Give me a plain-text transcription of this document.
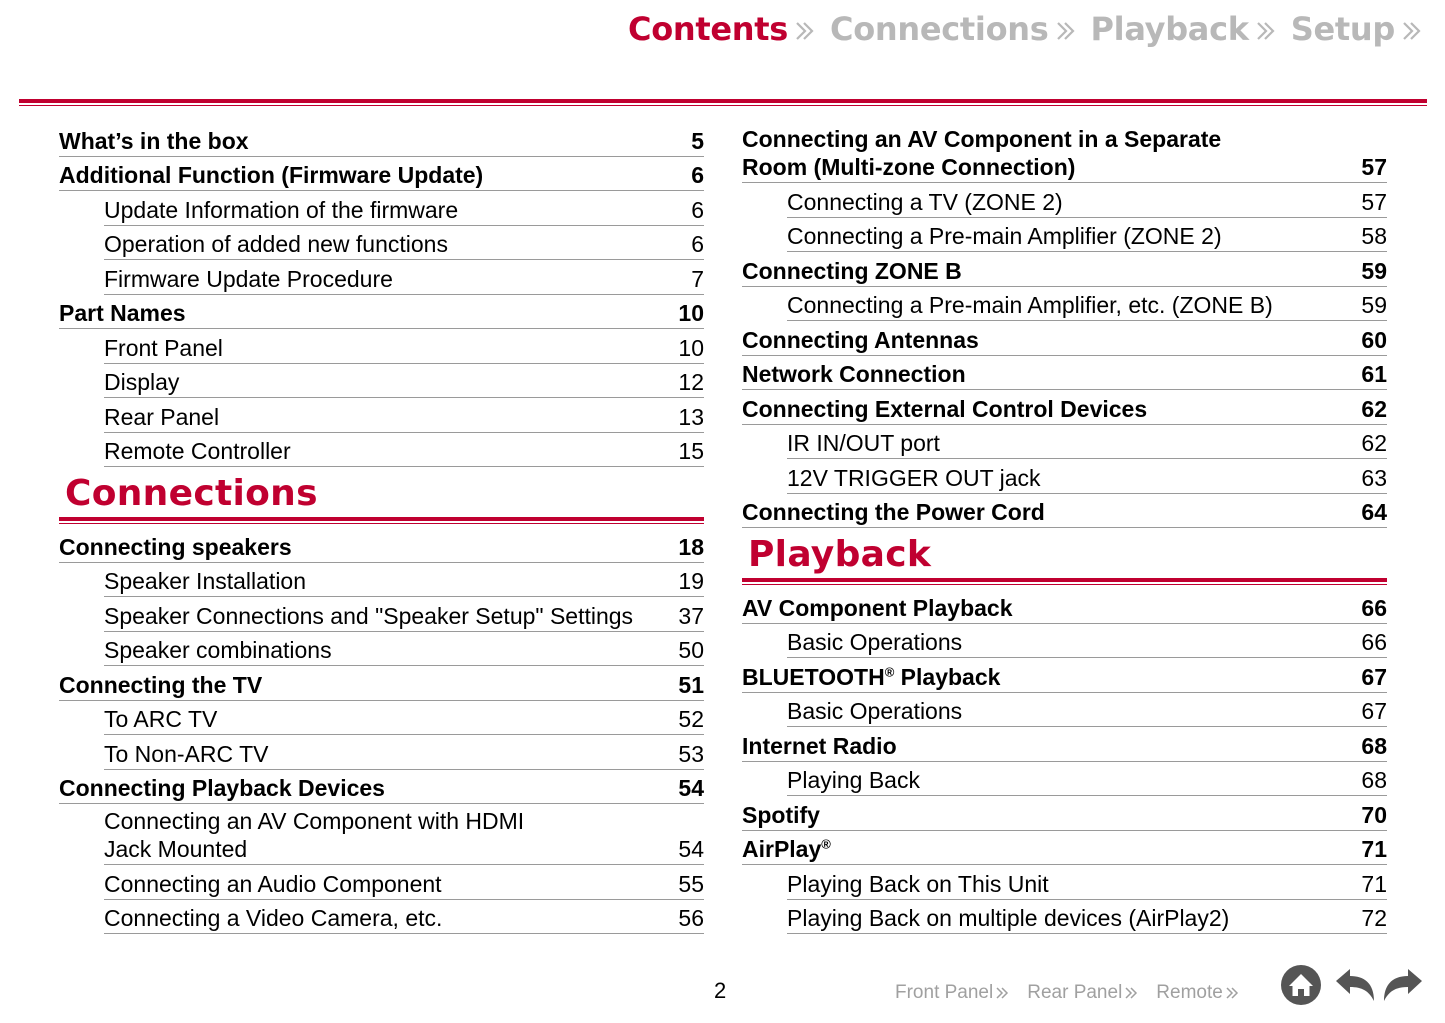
Contents Connections Playback Setup
What’s in the box	5
Additional Function (Firmware Update)	6
Update Information of the firmware	6
Operation of added new functions	6
Firmware Update Procedure	7
Part Names	10
Front Panel	10
Display	12
Rear Panel	13
Remote Controller	15
Connections
Connecting speakers	18
Speaker Installation	19
Speaker Connections and "Speaker Setup" Settings	37
Speaker combinations	50
Connecting the TV	51
To ARC TV	52
To Non-ARC TV	53
Connecting Playback Devices	54
Connecting an AV Component with HDMI Jack Mounted	54
Connecting an Audio Component	55
Connecting a Video Camera, etc.	56
Connecting an AV Component in a Separate Room (Multi-zone Connection)	57
Connecting a TV (ZONE 2)	57
Connecting a Pre-main Amplifier (ZONE 2)	58
Connecting ZONE B	59
Connecting a Pre-main Amplifier, etc. (ZONE B)	59
Connecting Antennas	60
Network Connection	61
Connecting External Control Devices	62
IR IN/OUT port	62
12V TRIGGER OUT jack	63
Connecting the Power Cord	64
Playback
AV Component Playback	66
Basic Operations	66
BLUETOOTH® Playback	67
Basic Operations	67
Internet Radio	68
Playing Back	68
Spotify	70
AirPlay®	71
Playing Back on This Unit	71
Playing Back on multiple devices (AirPlay2)	72
2	Front Panel Rear Panel Remote
